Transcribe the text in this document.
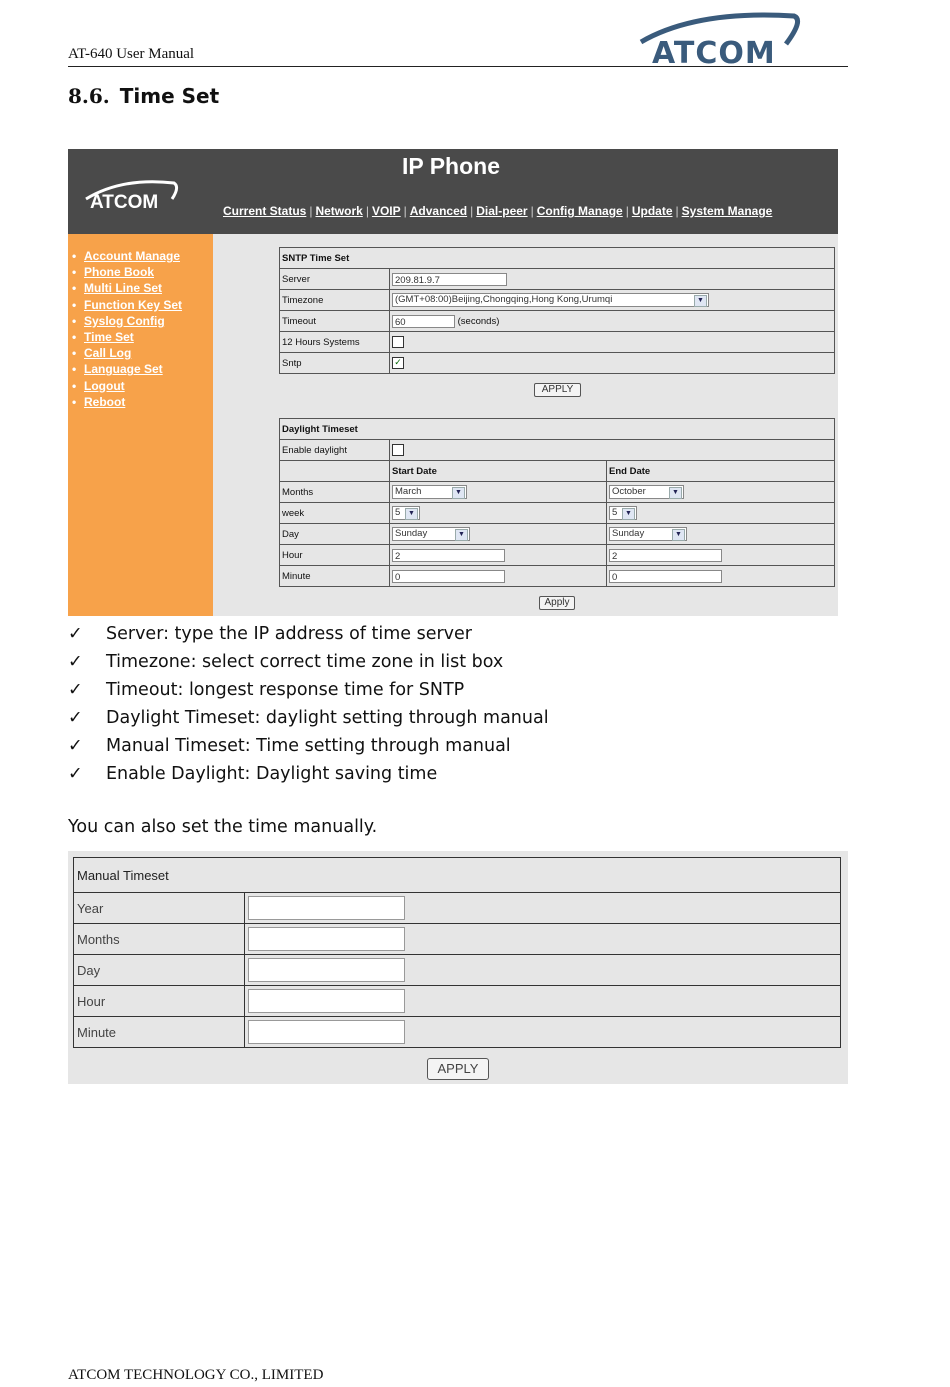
AT-640 User Manual	ATCOM
8.6. Time Set
ATCOM
IP Phone
Current Status | Network | VOIP | Advanced | Dial-peer | Config Manage | Update | System Manage
• Account Manage
• Phone Book
• Multi Line Set
• Function Key Set
• Syslog Config
• Time Set
• Call Log
• Language Set
• Logout
• Reboot
SNTP Time Set	
Server	209.81.9.7
Timezone	(GMT+08:00)Beijing,Chongqing,Hong Kong,Urumqi ▼

Timeout	60 (seconds)
12 Hours Systems	
Sntp	✓
APPLY
Daylight Timeset		
Enable daylight		
	Start Date	End Date
Months	March ▼	October ▼

week	5 ▼	5 ▼

Day	Sunday ▼	Sunday ▼

Hour	2	2
Minute	0	0
Apply
✓ Server: type the IP address of time server
✓ Timezone: select correct time zone in list box
✓ Timeout: longest response time for SNTP
✓ Daylight Timeset: daylight setting through manual
✓ Manual Timeset: Time setting through manual
✓ Enable Daylight: Daylight saving time
You can also set the time manually.
Manual Timeset	
Year	
Months	
Day	
Hour	
Minute	
APPLY
ATCOM TECHNOLOGY CO., LIMITED
